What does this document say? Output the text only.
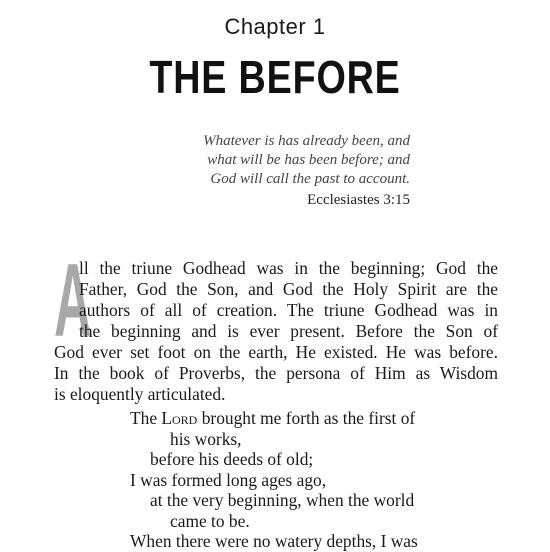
Chapter 1
THE BEFORE
Whatever is has already been, and
what will be has been before; and
God will call the past to account.
Ecclesiastes 3:15
A
ll the triune Godhead was in the beginning; God the
Father, God the Son, and God the Holy Spirit are the
authors of all of creation. The triune Godhead was in
the beginning and is ever present. Before the Son of
God ever set foot on the earth, He existed. He was before.
In the book of Proverbs, the persona of Him as Wisdom
is eloquently articulated.
The Lord brought me forth as the first of
his works,
before his deeds of old;
I was formed long ages ago,
at the very beginning, when the world
came to be.
When there were no watery depths, I was
